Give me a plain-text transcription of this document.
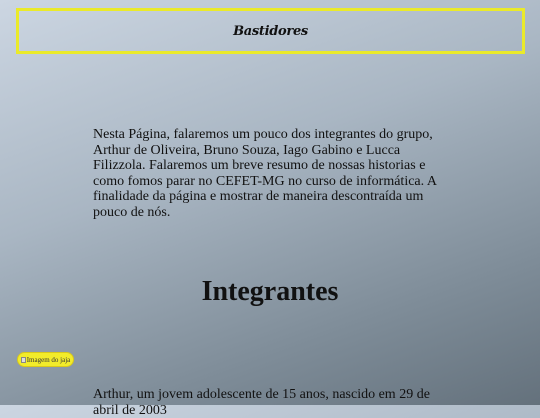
Bastidores

Nesta Página, falaremos um pouco dos integrantes do grupo, Arthur de Oliveira, Bruno Souza, Iago Gabino e Lucca Filizzola. Falaremos um breve resumo de nossas historias e como fomos parar no CEFET-MG no curso de informática. A finalidade da página e mostrar de maneira descontraída um pouco de nós.

Integrantes
Imagem do jaja

Arthur, um jovem adolescente de 15 anos, nascido em 29 de abril de 2003
